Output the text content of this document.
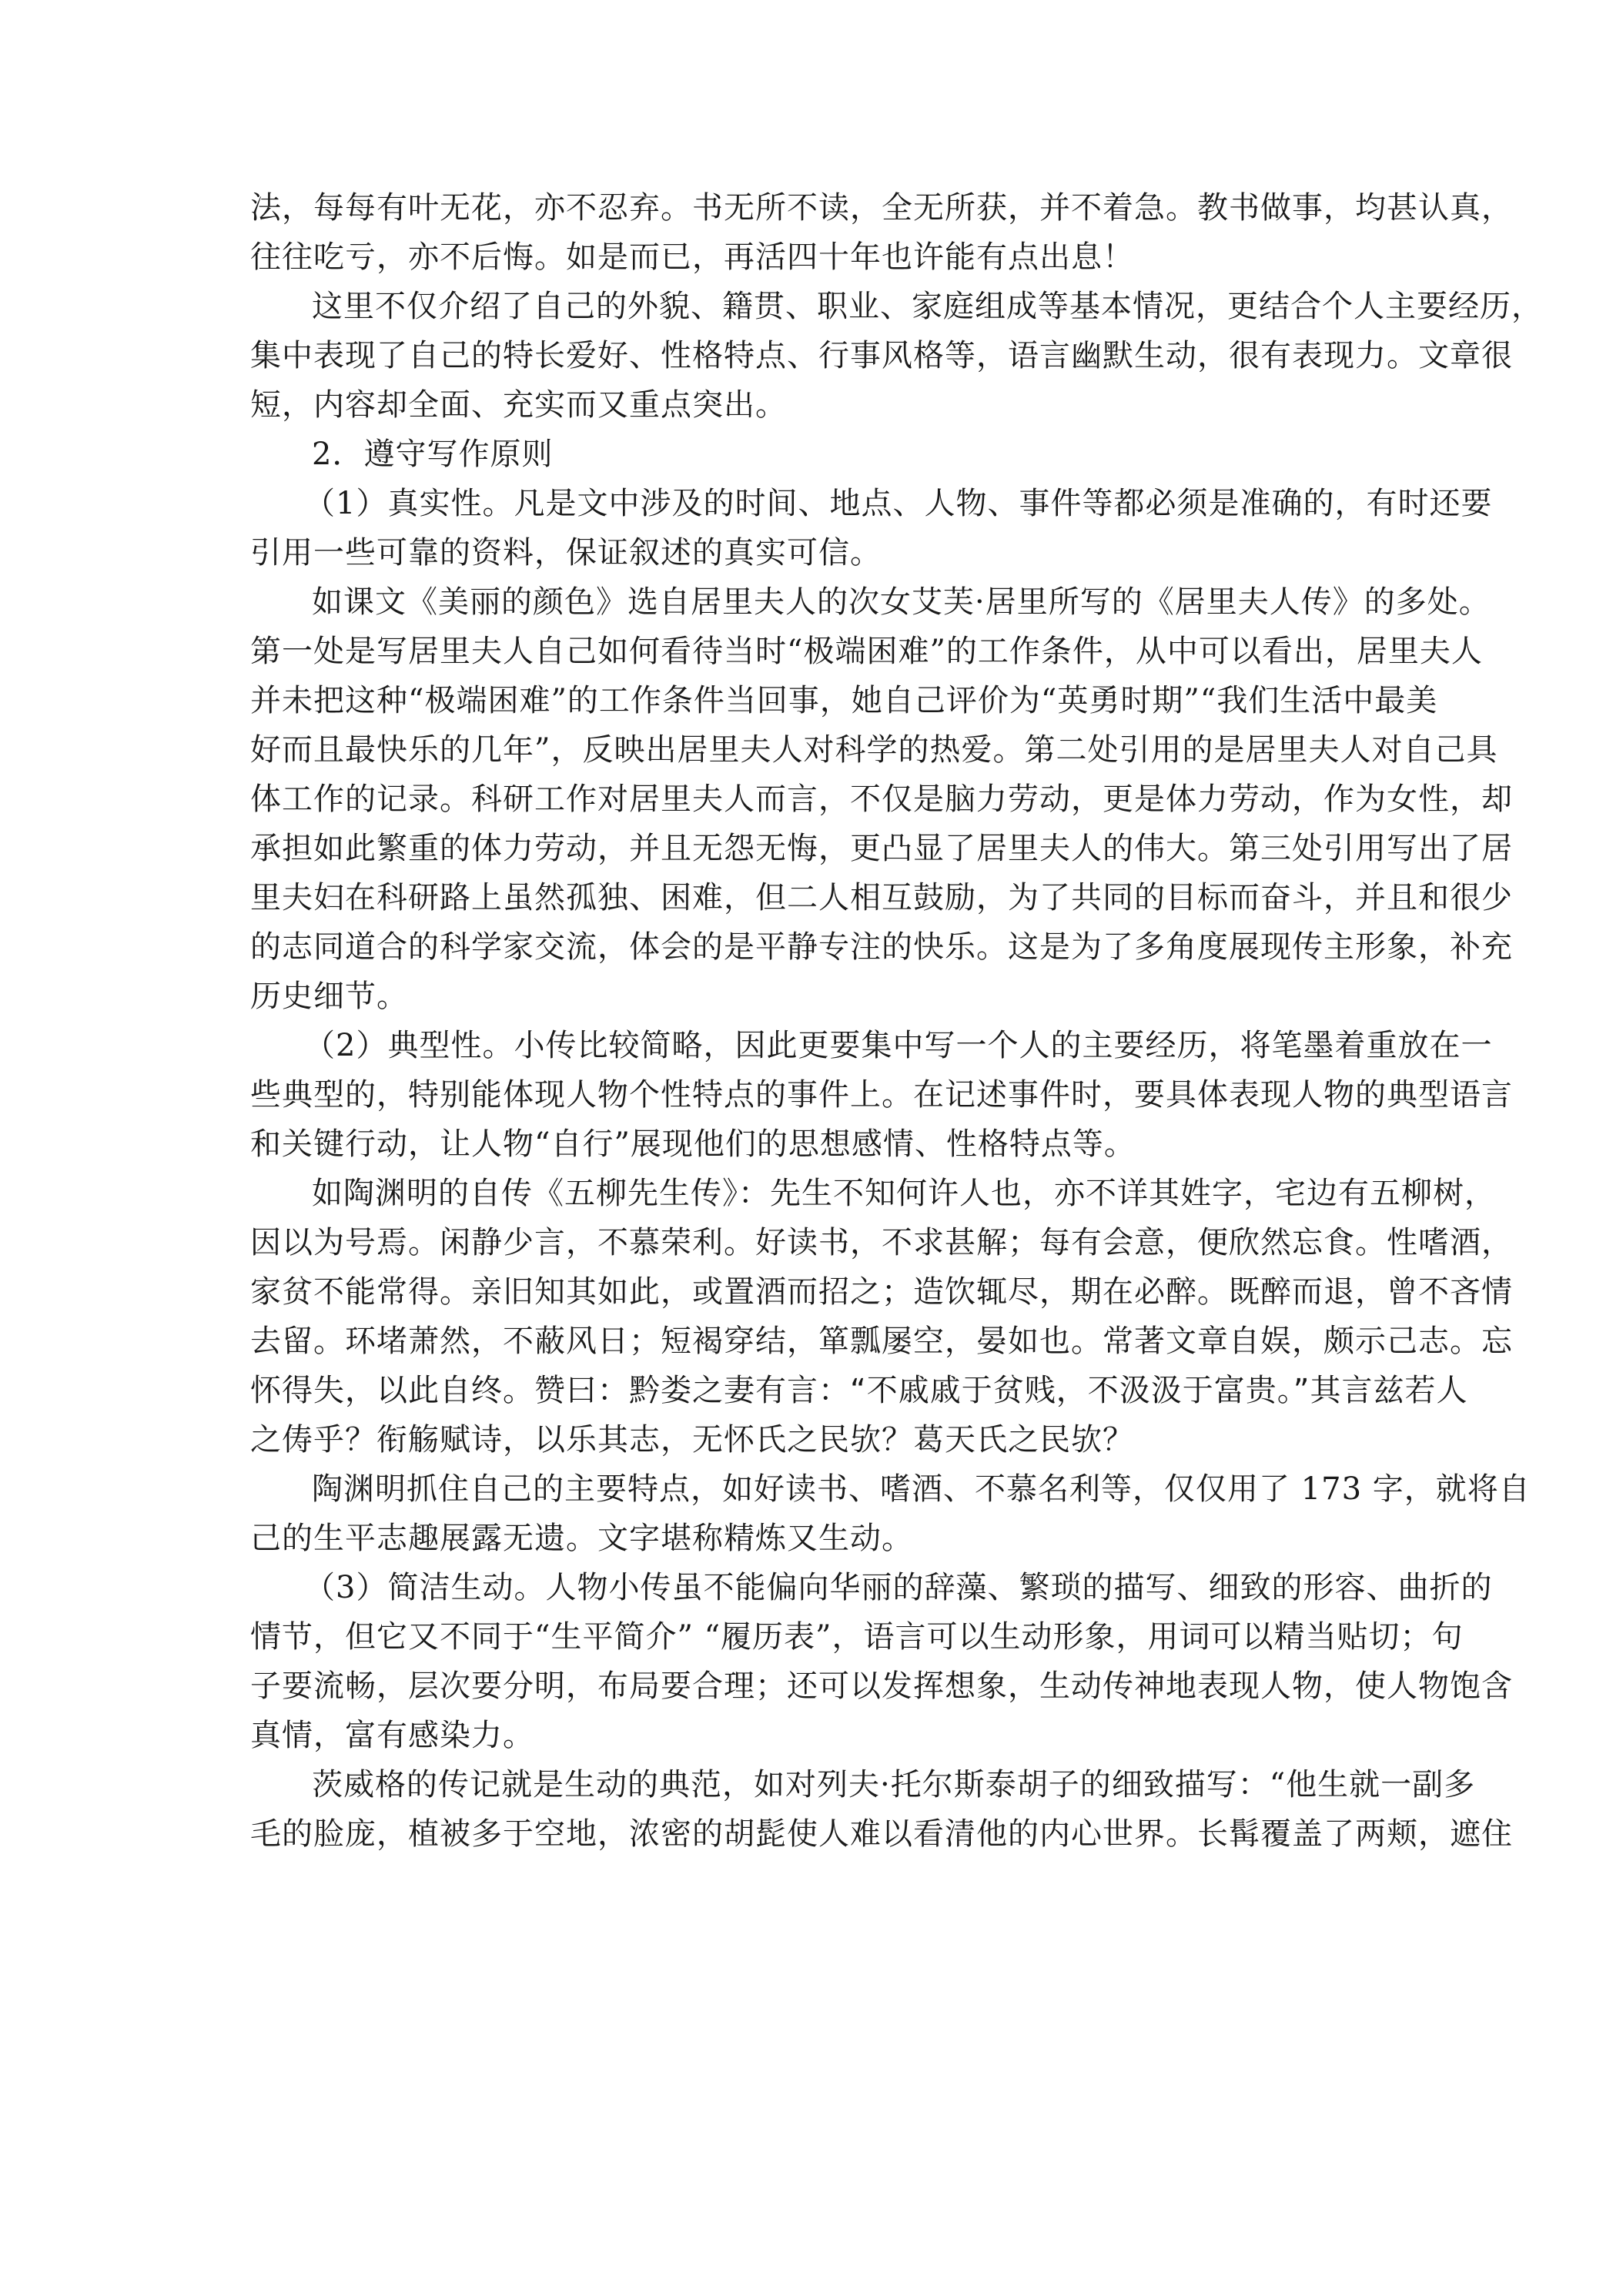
法，每每有叶无花，亦不忍弃。书无所不读，全无所获，并不着急。教书做事，均甚认真，
往往吃亏，亦不后悔。如是而已，再活四十年也许能有点出息！
这里不仅介绍了自己的外貌、籍贯、职业、家庭组成等基本情况，更结合个人主要经历，
集中表现了自己的特长爱好、性格特点、行事风格等，语言幽默生动，很有表现力。文章很
短，内容却全面、充实而又重点突出。
2．遵守写作原则
（1）真实性。凡是文中涉及的时间、地点、人物、事件等都必须是准确的，有时还要
引用一些可靠的资料，保证叙述的真实可信。
如课文《美丽的颜色》选自居里夫人的次女艾芙·居里所写的《居里夫人传》的多处。
第一处是写居里夫人自己如何看待当时“极端困难”的工作条件，从中可以看出，居里夫人
并未把这种“极端困难”的工作条件当回事，她自己评价为“英勇时期”“我们生活中最美
好而且最快乐的几年”，反映出居里夫人对科学的热爱。第二处引用的是居里夫人对自己具
体工作的记录。科研工作对居里夫人而言，不仅是脑力劳动，更是体力劳动，作为女性，却
承担如此繁重的体力劳动，并且无怨无悔，更凸显了居里夫人的伟大。第三处引用写出了居
里夫妇在科研路上虽然孤独、困难，但二人相互鼓励，为了共同的目标而奋斗，并且和很少
的志同道合的科学家交流，体会的是平静专注的快乐。这是为了多角度展现传主形象，补充
历史细节。
（2）典型性。小传比较简略，因此更要集中写一个人的主要经历，将笔墨着重放在一
些典型的，特别能体现人物个性特点的事件上。在记述事件时，要具体表现人物的典型语言
和关键行动，让人物“自行”展现他们的思想感情、性格特点等。
如陶渊明的自传《五柳先生传》：先生不知何许人也，亦不详其姓字，宅边有五柳树，
因以为号焉。闲静少言，不慕荣利。好读书，不求甚解；每有会意，便欣然忘食。性嗜酒，
家贫不能常得。亲旧知其如此，或置酒而招之；造饮辄尽，期在必醉。既醉而退，曾不吝情
去留。环堵萧然，不蔽风日；短褐穿结，箪瓢屡空，晏如也。常著文章自娱，颇示己志。忘
怀得失，以此自终。赞曰：黔娄之妻有言：“不戚戚于贫贱，不汲汲于富贵。”其言兹若人
之俦乎？衔觞赋诗，以乐其志，无怀氏之民欤？葛天氏之民欤？
陶渊明抓住自己的主要特点，如好读书、嗜酒、不慕名利等，仅仅用了 173 字，就将自
己的生平志趣展露无遗。文字堪称精炼又生动。
（3）简洁生动。人物小传虽不能偏向华丽的辞藻、繁琐的描写、细致的形容、曲折的
情节，但它又不同于“生平简介” “履历表”，语言可以生动形象，用词可以精当贴切；句
子要流畅，层次要分明，布局要合理；还可以发挥想象，生动传神地表现人物，使人物饱含
真情，富有感染力。
茨威格的传记就是生动的典范，如对列夫·托尔斯泰胡子的细致描写：“他生就一副多
毛的脸庞，植被多于空地，浓密的胡髭使人难以看清他的内心世界。长髯覆盖了两颊，遮住
